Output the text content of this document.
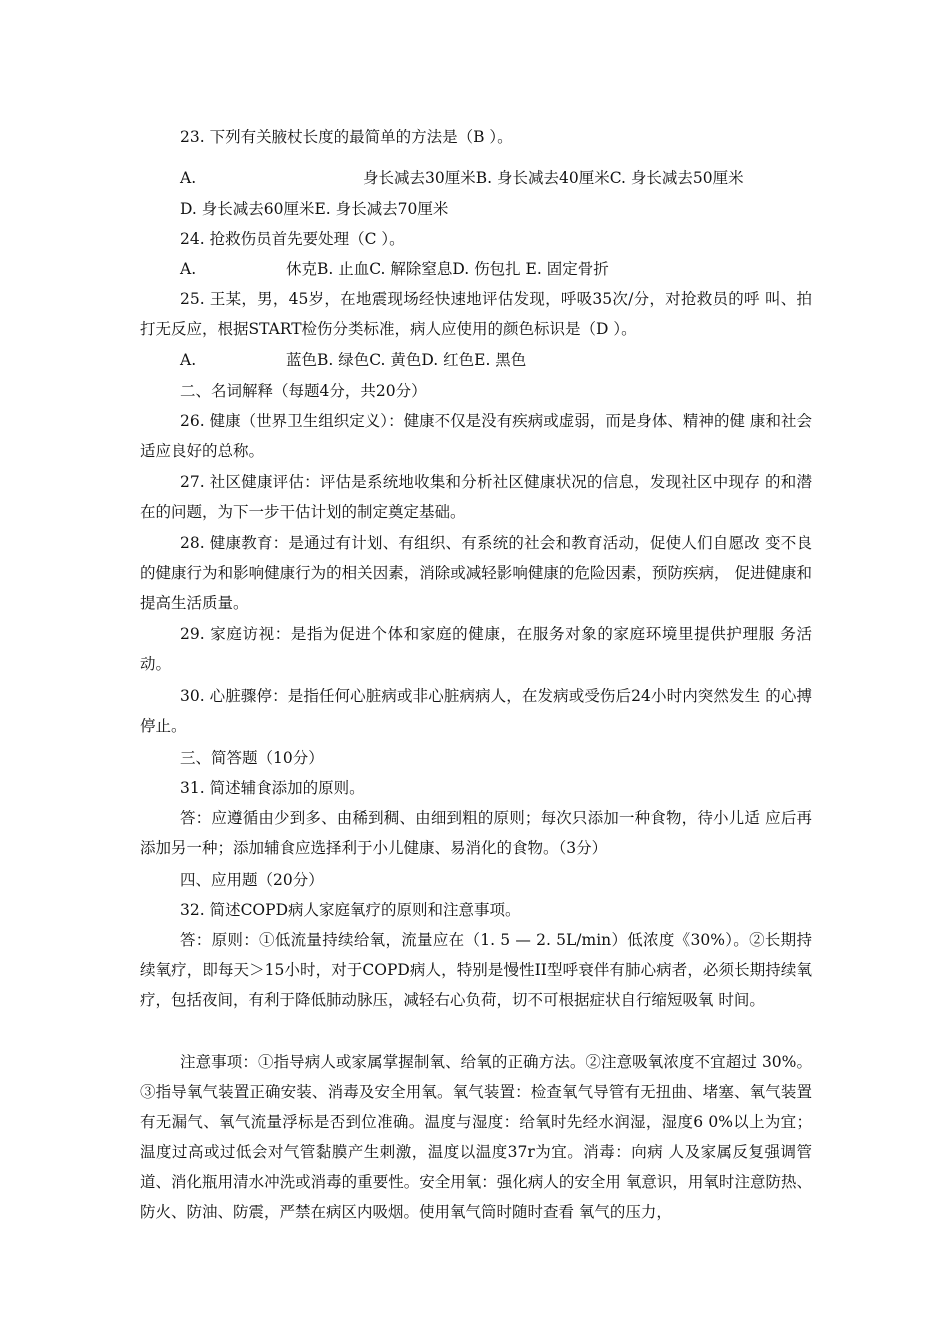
23. 下列有关腋杖长度的最简单的方法是（B ）。
A.	身长减去30厘米B. 身长减去40厘米C. 身长减去50厘米
D. 身长减去60厘米E. 身长减去70厘米
24. 抢救伤员首先要处理（C ）。
A.	休克B. 止血C. 解除窒息D. 伤包扎 E. 固定骨折
25. 王某，男，45岁，在地震现场经快速地评估发现，呼吸35次/分，对抢救员的呼 叫、拍打无反应，根据START检伤分类标准，病人应使用的颜色标识是（D ）。
A.	蓝色B. 绿色C. 黄色D. 红色E. 黑色
二、名词解释（每题4分，共20分）
26. 健康（世界卫生组织定义）：健康不仅是没有疾病或虚弱，而是身体、精神的健 康和社会适应良好的总称。
27. 社区健康评估：评估是系统地收集和分析社区健康状况的信息，发现社区中现存 的和潜在的问题，为下一步干估计划的制定奠定基础。
28. 健康教育：是通过有计划、有组织、有系统的社会和教育活动，促使人们自愿改 变不良的健康行为和影响健康行为的相关因素，消除或减轻影响健康的危险因素，预防疾病， 促进健康和提高生活质量。
29. 家庭访视：是指为促进个体和家庭的健康，在服务对象的家庭环境里提供护理服 务活动。
30. 心脏骤停：是指任何心脏病或非心脏病病人，在发病或受伤后24小时内突然发生 的心搏停止。
三、简答题（10分）
31. 简述辅食添加的原则。
答：应遵循由少到多、由稀到稠、由细到粗的原则；每次只添加一种食物，待小儿适 应后再添加另一种；添加辅食应选择利于小儿健康、易消化的食物。（3分）
四、应用题（20分）
32. 简述COPD病人家庭氧疗的原则和注意事项。
答：原则：①低流量持续给氧，流量应在（1. 5 — 2. 5L/min）低浓度《30%）。②长期持 续氧疗，即每天＞15小时，对于COPD病人，特别是慢性II型呼衰伴有肺心病者，必须长期持续氧疗，包括夜间，有利于降低肺动脉压，减轻右心负荷，切不可根据症状自行缩短吸氧 时间。
注意事项：①指导病人或家属掌握制氧、给氧的正确方法。②注意吸氧浓度不宜超过 30%。③指导氧气装置正确安装、消毒及安全用氧。氧气装置：检查氧气导管有无扭曲、堵塞、氧气装置有无漏气、氧气流量浮标是否到位准确。温度与湿度：给氧时先经水润湿，湿度6 0%以上为宜；温度过高或过低会对气管黏膜产生刺激，温度以温度37r为宜。消毒：向病 人及家属反复强调管道、消化瓶用清水冲洗或消毒的重要性。安全用氧：强化病人的安全用 氧意识，用氧时注意防热、防火、防油、防震，严禁在病区内吸烟。使用氧气筒时随时查看 氧气的压力，
